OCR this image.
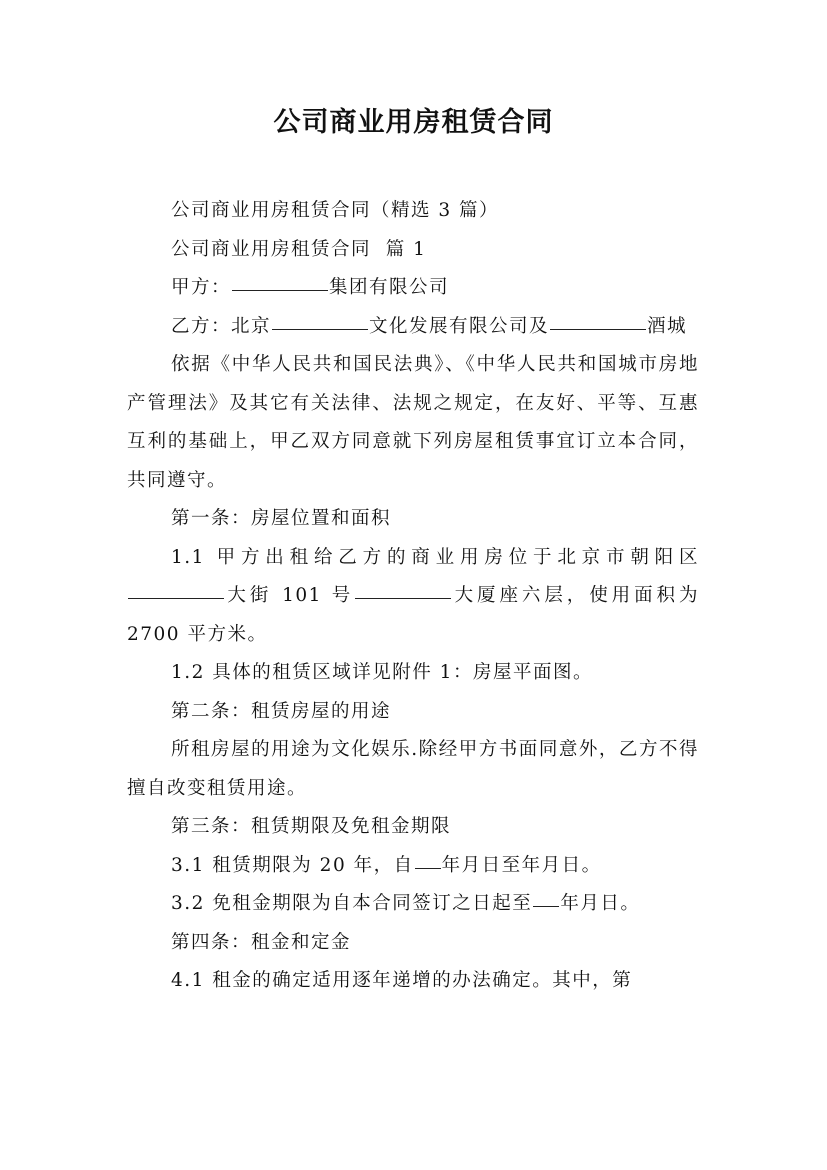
公司商业用房租赁合同

公司商业用房租赁合同（精选 3 篇）

公司商业用房租赁合同  篇 1

甲方：	集团有限公司

乙方：北京	文化发展有限公司及	酒城

依据《中华人民共和国民法典》、《中华人民共和国城市房地产管理法》及其它有关法律、法规之规定，在友好、平等、互惠互利的基础上，甲乙双方同意就下列房屋租赁事宜订立本合同，共同遵守。

第一条：房屋位置和面积

1.1 甲方出租给乙方的商业用房位于北京市朝阳区大街 101 号	大厦座六层，使用面积为 2700 平方米。

1.2 具体的租赁区域详见附件 1：房屋平面图。

第二条：租赁房屋的用途

所租房屋的用途为文化娱乐.除经甲方书面同意外，乙方不得擅自改变租赁用途。

第三条：租赁期限及免租金期限

3.1 租赁期限为 20 年，自 年月日至年月日。

3.2 免租金期限为自本合同签订之日起至 年月日。

第四条：租金和定金

4.1 租金的确定适用逐年递增的办法确定。其中，第
